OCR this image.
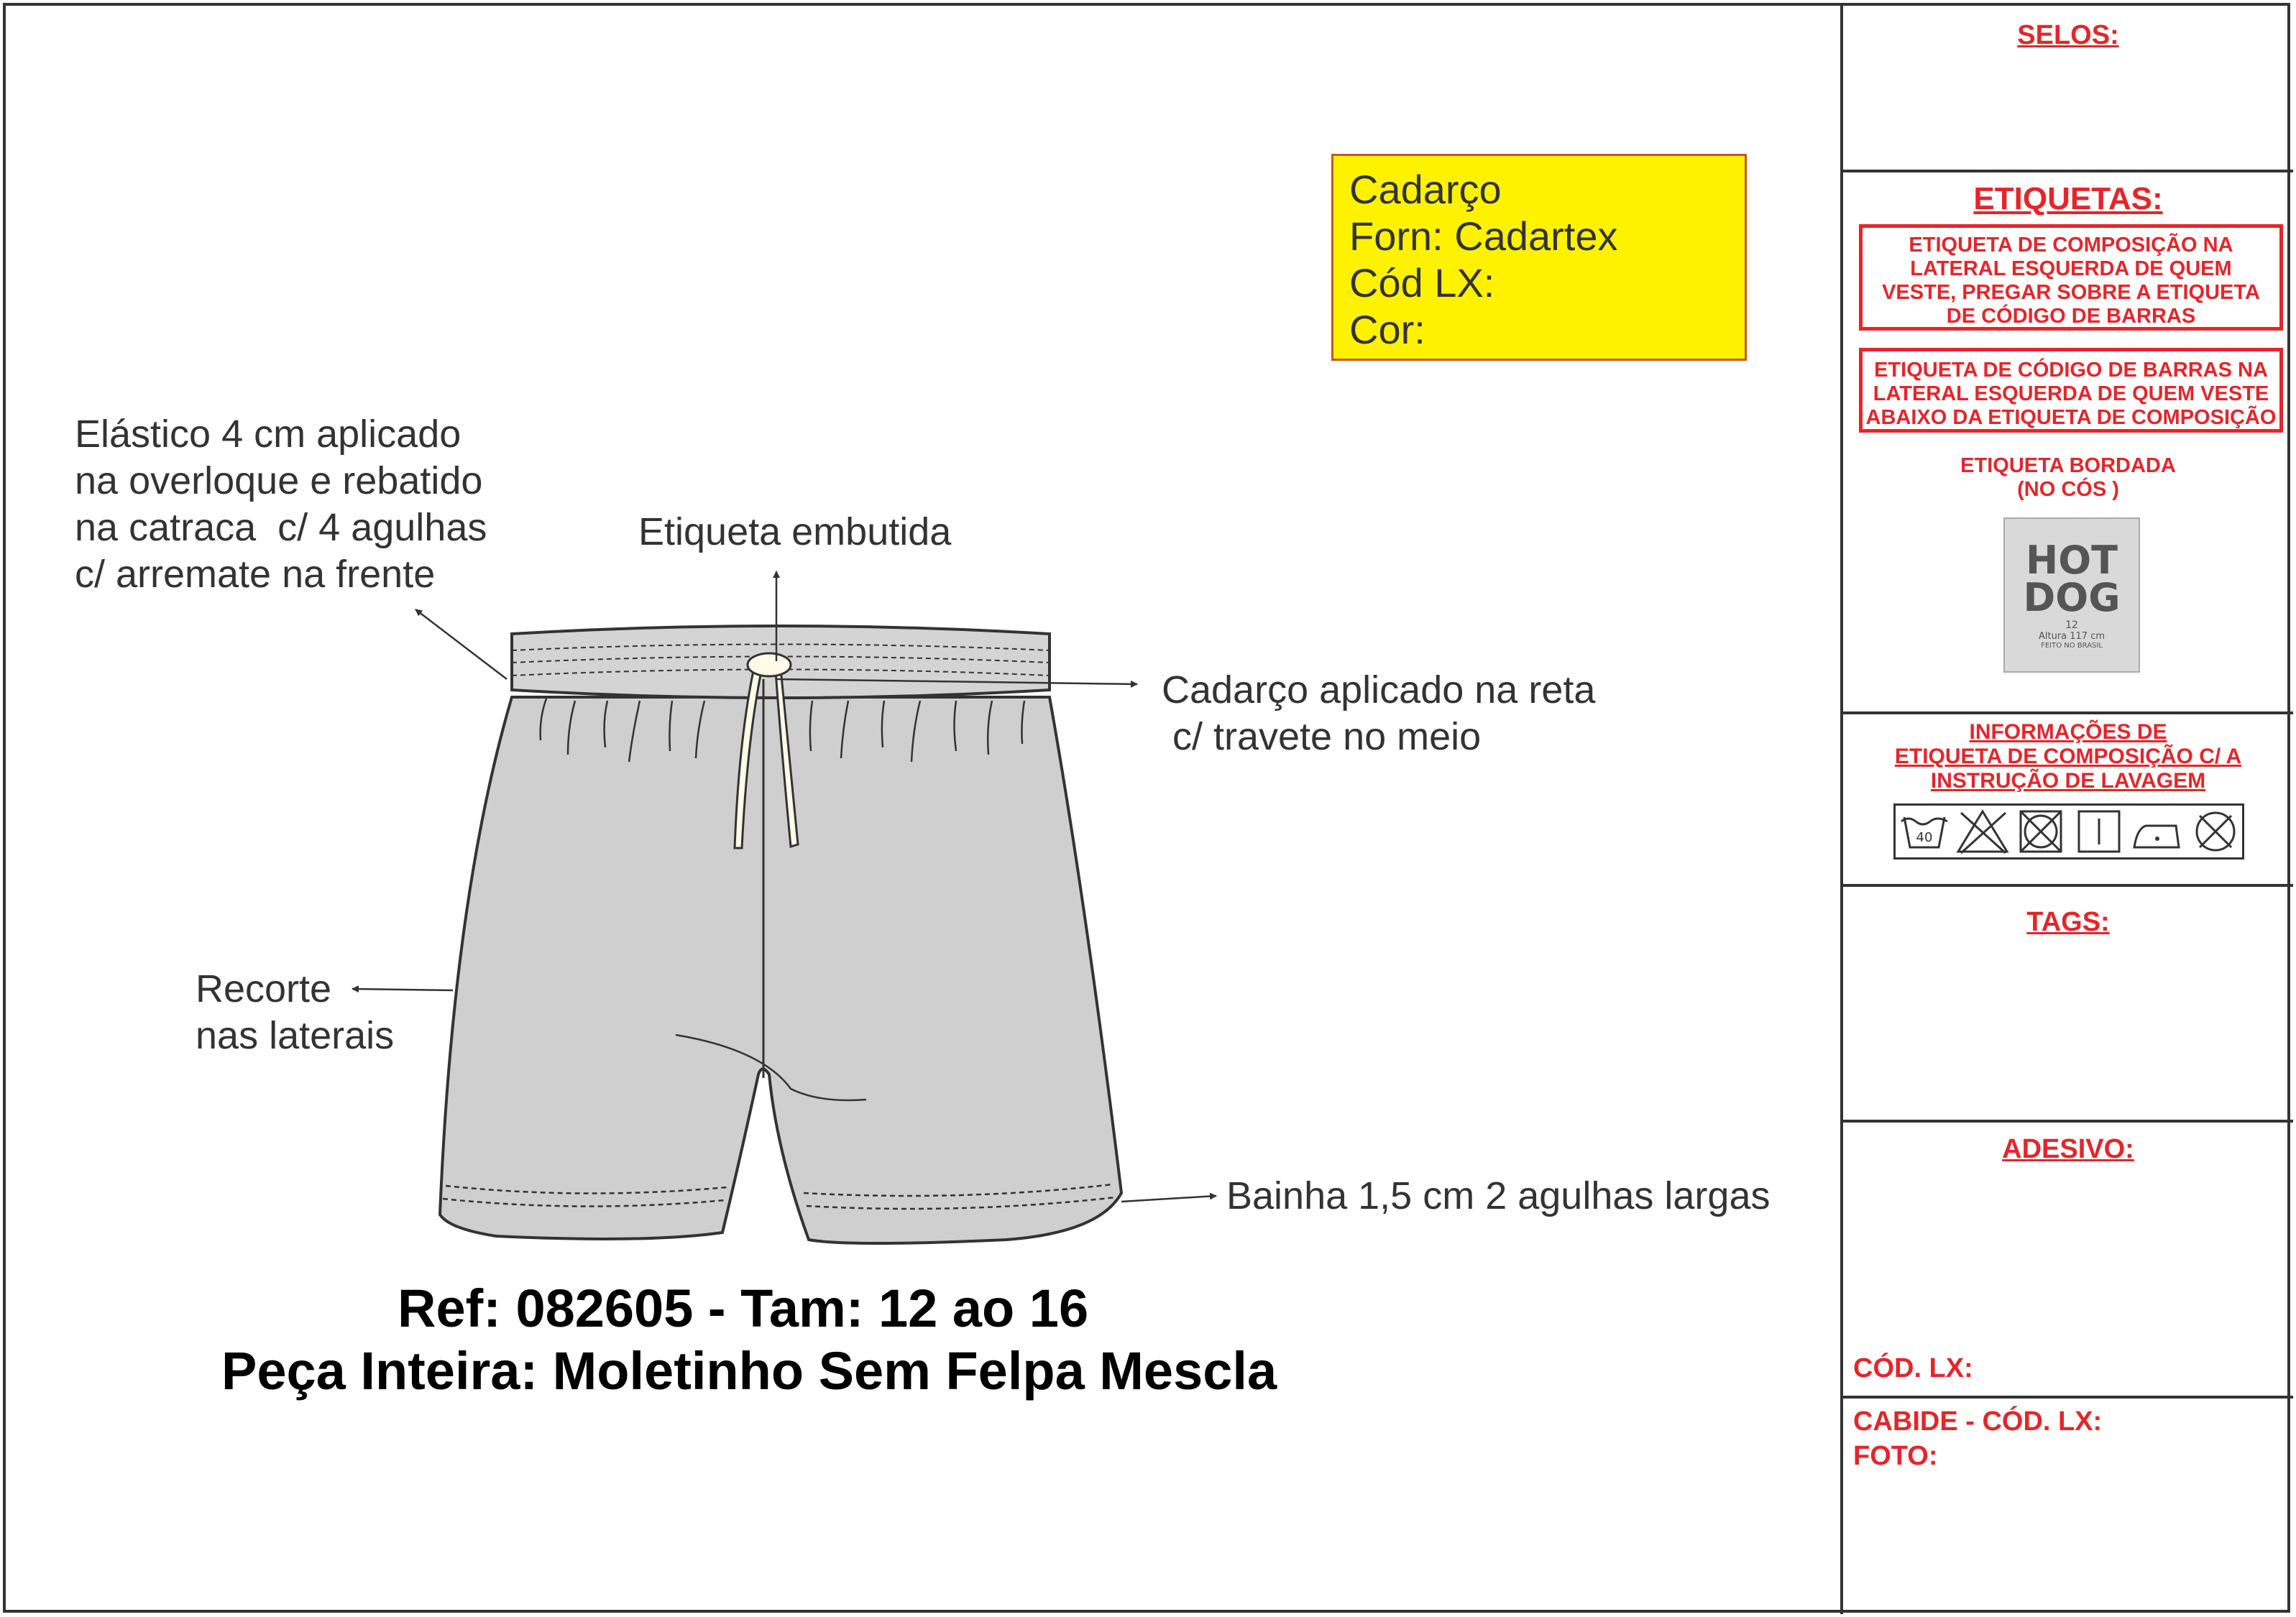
Elástico 4 cm aplicado
na overloque e rebatido
na catraca  c/ 4 agulhas
c/ arremate na frente
Etiqueta embutida
Cadarço aplicado na reta
c/ travete no meio
Recorte
nas laterais
Bainha 1,5 cm 2 agulhas largas
Cadarço
Forn: Cadartex
Cód LX:
Cor:
Ref: 082605 - Tam: 12 ao 16
Peça Inteira: Moletinho Sem Felpa Mescla
SELOS:
ETIQUETAS:
ETIQUETA DE COMPOSIÇÃO NA LATERAL ESQUERDA DE QUEM VESTE, PREGAR SOBRE A ETIQUETA DE CÓDIGO DE BARRAS
ETIQUETA DE CÓDIGO DE BARRAS NA LATERAL ESQUERDA DE QUEM VESTE ABAIXO DA ETIQUETA DE COMPOSIÇÃO
ETIQUETA BORDADA
(NO CÓS )
HOT
DOG
12
Altura 117 cm
FEITO NO BRASIL
INFORMAÇÕES DE
ETIQUETA DE COMPOSIÇÃO C/ A
INSTRUÇÃO DE LAVAGEM
40
TAGS:
ADESIVO:
CÓD. LX:
CABIDE - CÓD. LX:
FOTO:
